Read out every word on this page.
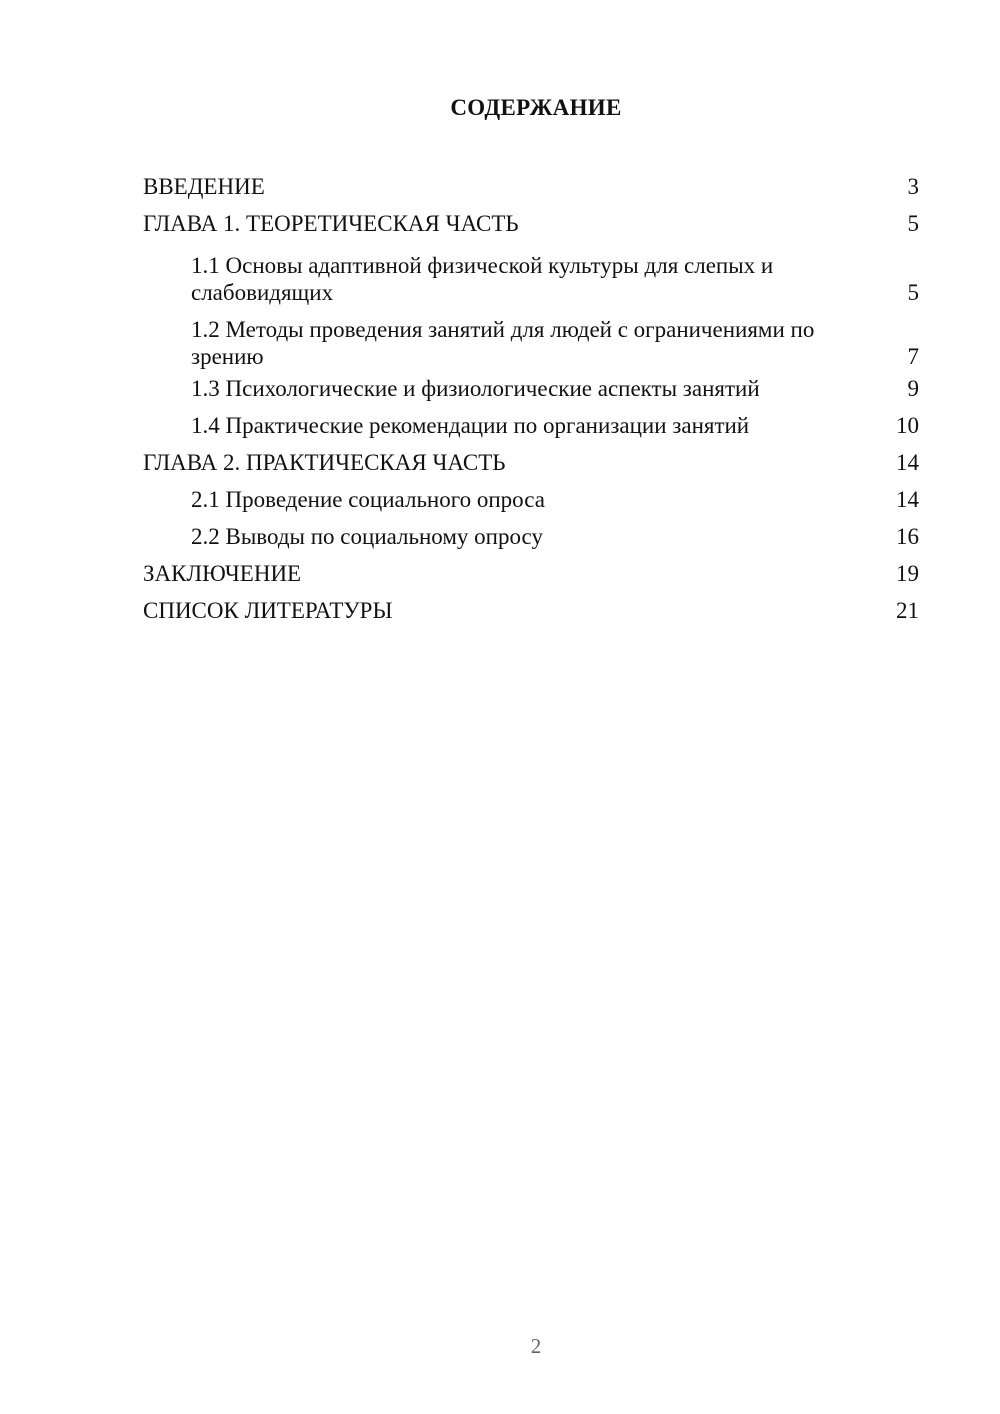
СОДЕРЖАНИЕ
ВВЕДЕНИЕ	3
ГЛАВА 1. ТЕОРЕТИЧЕСКАЯ ЧАСТЬ	5
1.1 Основы адаптивной физической культуры для слепых и слабовидящих	5
1.2 Методы проведения занятий для людей с ограничениями по зрению	7
1.3 Психологические и физиологические аспекты занятий	9
1.4 Практические рекомендации по организации занятий	10
ГЛАВА 2. ПРАКТИЧЕСКАЯ ЧАСТЬ	14
2.1 Проведение социального опроса	14
2.2 Выводы по социальному опросу	16
ЗАКЛЮЧЕНИЕ	19
СПИСОК ЛИТЕРАТУРЫ	21
2
